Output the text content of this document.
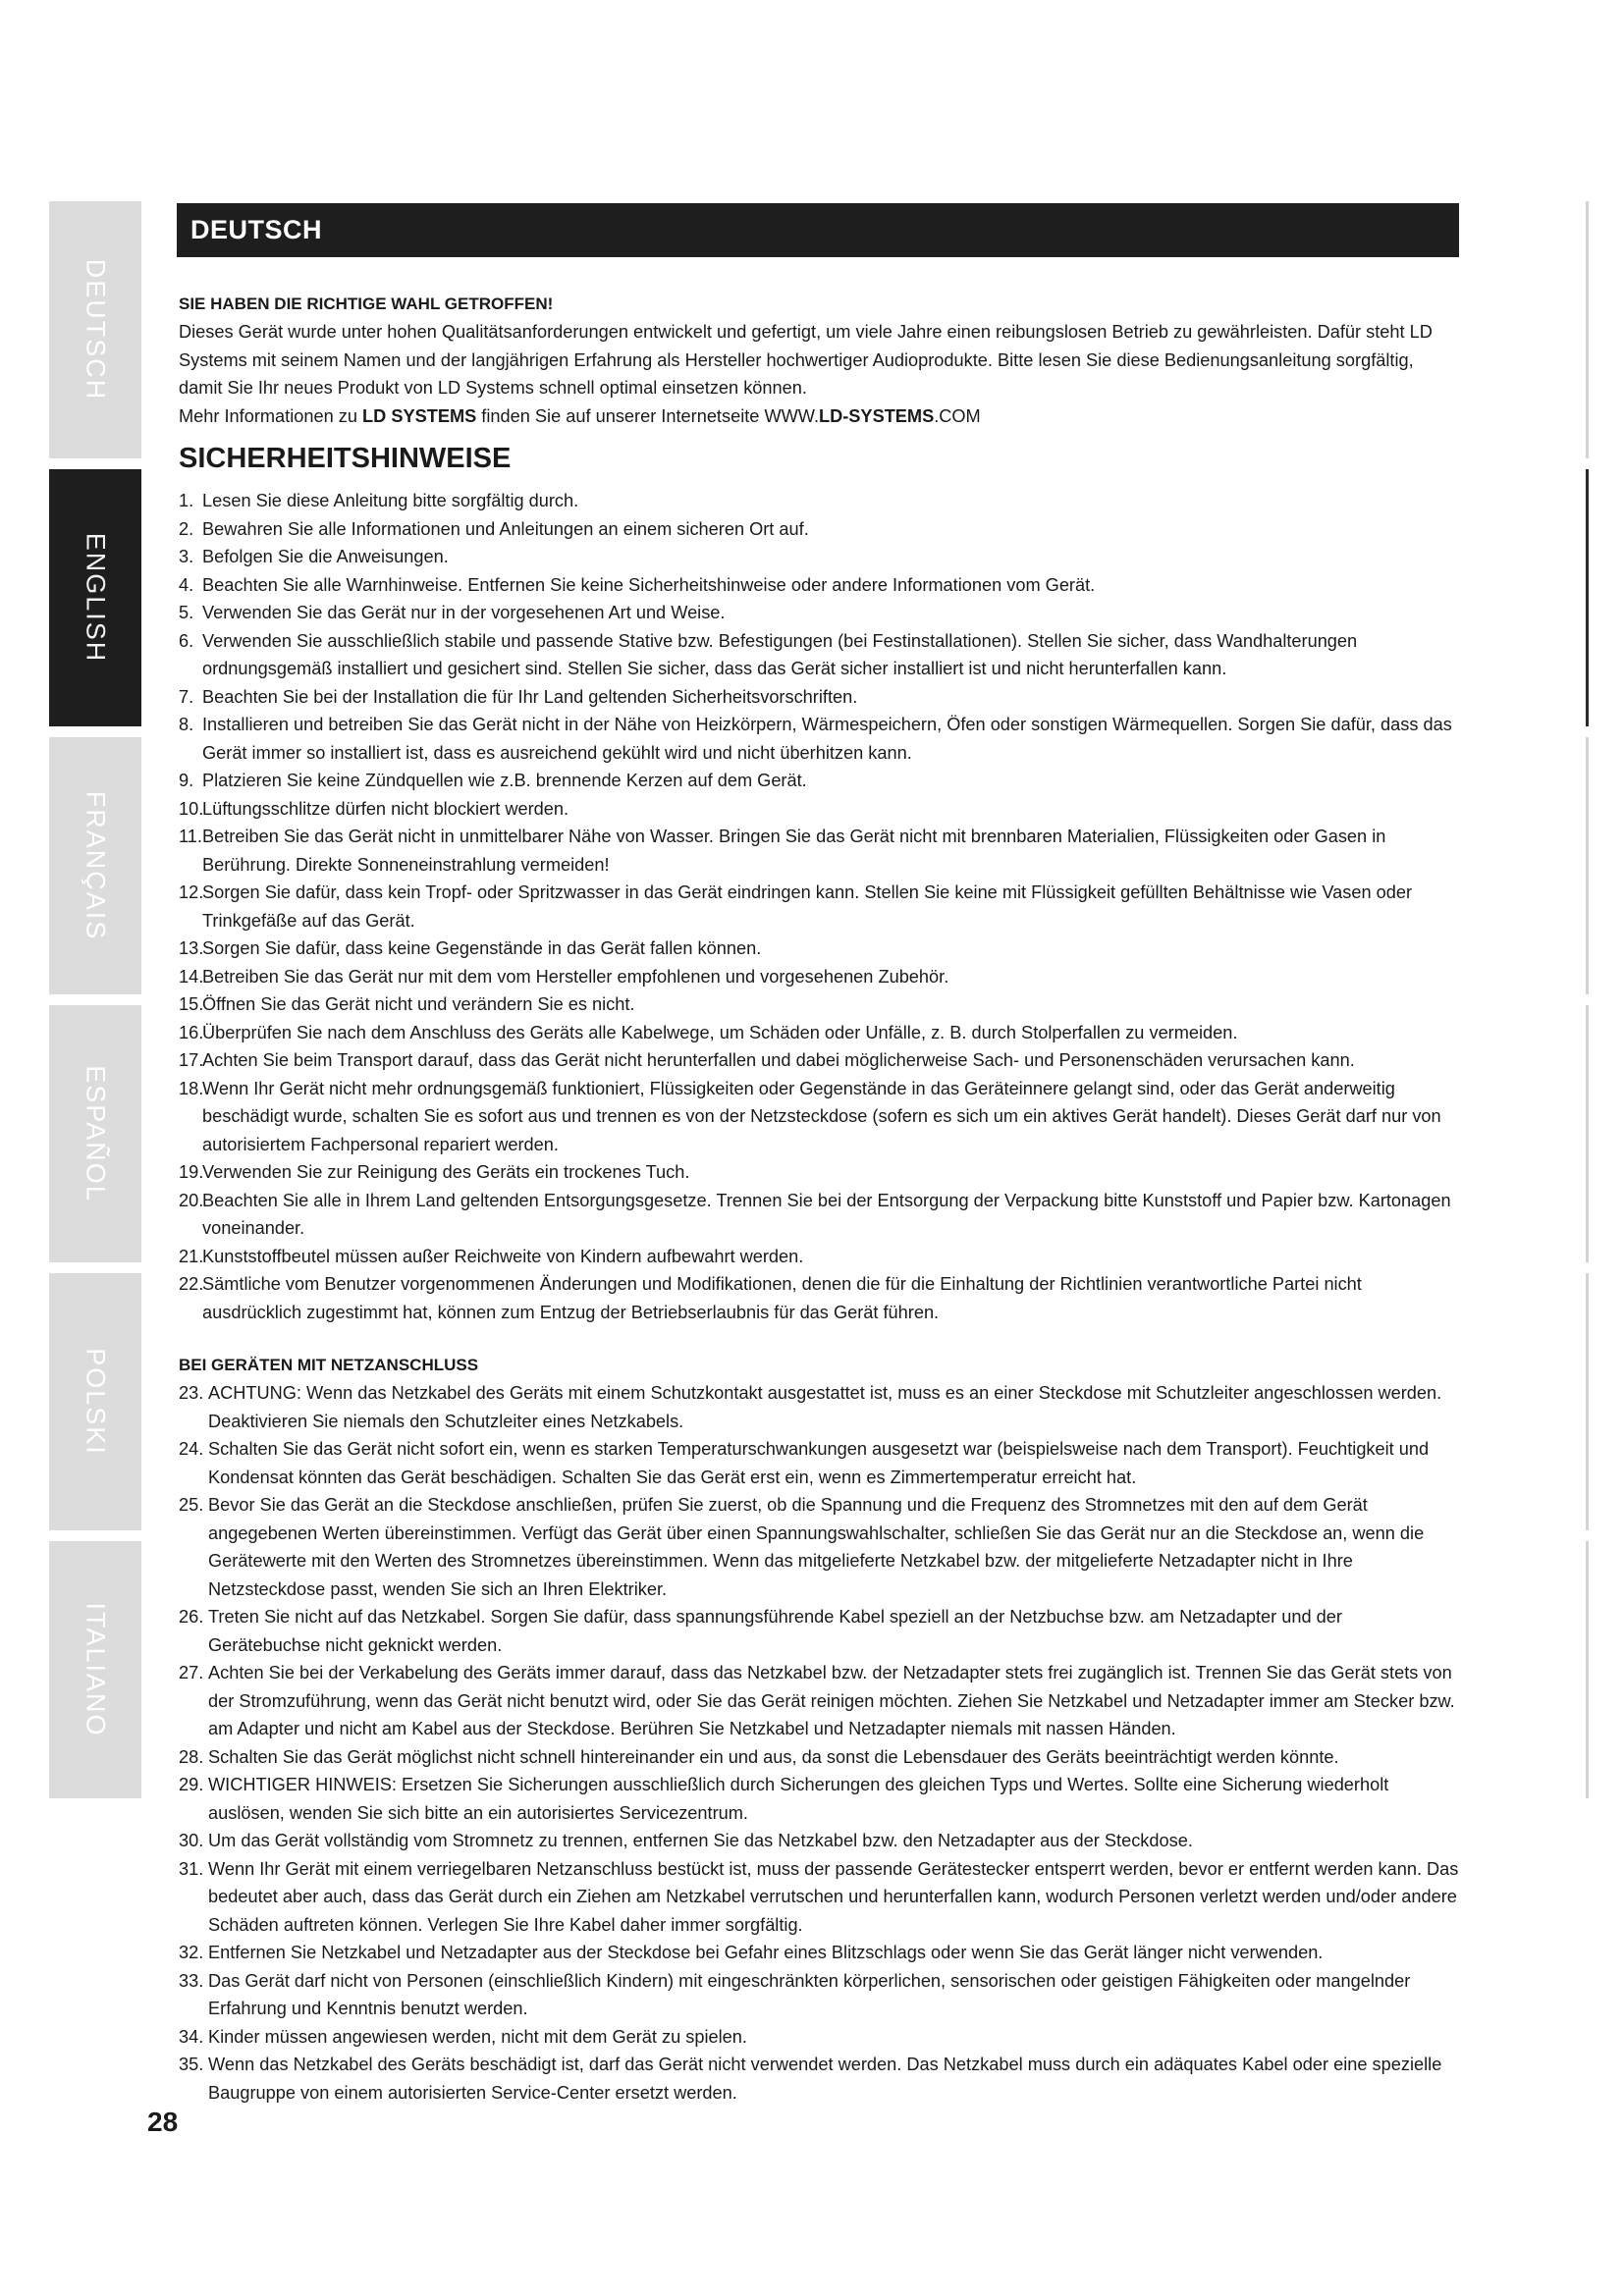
DEUTSCH
ENGLISH
FRANÇAIS
ESPAÑOL
POLSKI
ITALIANO
DEUTSCH
SIE HABEN DIE RICHTIGE WAHL GETROFFEN!
Dieses Gerät wurde unter hohen Qualitätsanforderungen entwickelt und gefertigt, um viele Jahre einen reibungslosen Betrieb zu gewährleisten. Dafür steht LD Systems mit seinem Namen und der langjährigen Erfahrung als Hersteller hochwertiger Audioprodukte. Bitte lesen Sie diese Bedienungsanleitung sorgfältig, damit Sie Ihr neues Produkt von LD Systems schnell optimal einsetzen können.
Mehr Informationen zu LD SYSTEMS finden Sie auf unserer Internetseite WWW.LD-SYSTEMS.COM
SICHERHEITSHINWEISE
1. Lesen Sie diese Anleitung bitte sorgfältig durch.
2. Bewahren Sie alle Informationen und Anleitungen an einem sicheren Ort auf.
3. Befolgen Sie die Anweisungen.
4. Beachten Sie alle Warnhinweise. Entfernen Sie keine Sicherheitshinweise oder andere Informationen vom Gerät.
5. Verwenden Sie das Gerät nur in der vorgesehenen Art und Weise.
6. Verwenden Sie ausschließlich stabile und passende Stative bzw. Befestigungen (bei Festinstallationen). Stellen Sie sicher, dass Wandhalterungen ordnungsgemäß installiert und gesichert sind. Stellen Sie sicher, dass das Gerät sicher installiert ist und nicht herunterfallen kann.
7. Beachten Sie bei der Installation die für Ihr Land geltenden Sicherheitsvorschriften.
8. Installieren und betreiben Sie das Gerät nicht in der Nähe von Heizkörpern, Wärmespeichern, Öfen oder sonstigen Wärmequellen. Sorgen Sie dafür, dass das Gerät immer so installiert ist, dass es ausreichend gekühlt wird und nicht überhitzen kann.
9. Platzieren Sie keine Zündquellen wie z.B. brennende Kerzen auf dem Gerät.
10.
Lüftungsschlitze dürfen nicht blockiert werden.
11. Betreiben Sie das Gerät nicht in unmittelbarer Nähe von Wasser. Bringen Sie das Gerät nicht mit brennbaren Materialien, Flüssigkeiten oder Gasen in Berührung. Direkte Sonneneinstrahlung vermeiden!
12.
Sorgen Sie dafür, dass kein Tropf- oder Spritzwasser in das Gerät eindringen kann. Stellen Sie keine mit Flüssigkeit gefüllten Behältnisse wie Vasen oder Trinkgefäße auf das Gerät.
13.
Sorgen Sie dafür, dass keine Gegenstände in das Gerät fallen können.
14.
Betreiben Sie das Gerät nur mit dem vom Hersteller empfohlenen und vorgesehenen Zubehör.
15.
Öffnen Sie das Gerät nicht und verändern Sie es nicht.
16.
Überprüfen Sie nach dem Anschluss des Geräts alle Kabelwege, um Schäden oder Unfälle, z. B. durch Stolperfallen zu vermeiden.
17.
Achten Sie beim Transport darauf, dass das Gerät nicht herunterfallen und dabei möglicherweise Sach- und Personenschäden verursachen kann.
18.
Wenn Ihr Gerät nicht mehr ordnungsgemäß funktioniert, Flüssigkeiten oder Gegenstände in das Geräteinnere gelangt sind, oder das Gerät anderweitig beschädigt wurde, schalten Sie es sofort aus und trennen es von der Netzsteckdose (sofern es sich um ein aktives Gerät handelt). Dieses Gerät darf nur von autorisiertem Fachpersonal repariert werden.
19.
Verwenden Sie zur Reinigung des Geräts ein trockenes Tuch.
20.
Beachten Sie alle in Ihrem Land geltenden Entsorgungsgesetze. Trennen Sie bei der Entsorgung der Verpackung bitte Kunststoff und Papier bzw. Kartonagen voneinander.
21.
Kunststoffbeutel müssen außer Reichweite von Kindern aufbewahrt werden.
22.
Sämtliche vom Benutzer vorgenommenen Änderungen und Modifikationen, denen die für die Einhaltung der Richtlinien verantwortliche Partei nicht ausdrücklich zugestimmt hat, können zum Entzug der Betriebserlaubnis für das Gerät führen.
BEI GERÄTEN MIT NETZANSCHLUSS
23. ACHTUNG: Wenn das Netzkabel des Geräts mit einem Schutzkontakt ausgestattet ist, muss es an einer Steckdose mit Schutzleiter angeschlossen werden. Deaktivieren Sie niemals den Schutzleiter eines Netzkabels.
24. Schalten Sie das Gerät nicht sofort ein, wenn es starken Temperaturschwankungen ausgesetzt war (beispielsweise nach dem Transport). Feuchtigkeit und Kondensat könnten das Gerät beschädigen. Schalten Sie das Gerät erst ein, wenn es Zimmertemperatur erreicht hat.
25. Bevor Sie das Gerät an die Steckdose anschließen, prüfen Sie zuerst, ob die Spannung und die Frequenz des Stromnetzes mit den auf dem Gerät angegebenen Werten übereinstimmen. Verfügt das Gerät über einen Spannungswahlschalter, schließen Sie das Gerät nur an die Steckdose an, wenn die Gerätewerte mit den Werten des Stromnetzes übereinstimmen. Wenn das mitgelieferte Netzkabel bzw. der mitgelieferte Netzadapter nicht in Ihre Netzsteckdose passt, wenden Sie sich an Ihren Elektriker.
26. Treten Sie nicht auf das Netzkabel. Sorgen Sie dafür, dass spannungsführende Kabel speziell an der Netzbuchse bzw. am Netzadapter und der Gerätebuchse nicht geknickt werden.
27. Achten Sie bei der Verkabelung des Geräts immer darauf, dass das Netzkabel bzw. der Netzadapter stets frei zugänglich ist. Trennen Sie das Gerät stets von der Stromzuführung, wenn das Gerät nicht benutzt wird, oder Sie das Gerät reinigen möchten. Ziehen Sie Netzkabel und Netzadapter immer am Stecker bzw. am Adapter und nicht am Kabel aus der Steckdose. Berühren Sie Netzkabel und Netzadapter niemals mit nassen Händen.
28. Schalten Sie das Gerät möglichst nicht schnell hintereinander ein und aus, da sonst die Lebensdauer des Geräts beeinträchtigt werden könnte.
29. WICHTIGER HINWEIS: Ersetzen Sie Sicherungen ausschließlich durch Sicherungen des gleichen Typs und Wertes. Sollte eine Sicherung wiederholt auslösen, wenden Sie sich bitte an ein autorisiertes Servicezentrum.
30. Um das Gerät vollständig vom Stromnetz zu trennen, entfernen Sie das Netzkabel bzw. den Netzadapter aus der Steckdose.
31. Wenn Ihr Gerät mit einem verriegelbaren Netzanschluss bestückt ist, muss der passende Gerätestecker entsperrt werden, bevor er entfernt werden kann. Das bedeutet aber auch, dass das Gerät durch ein Ziehen am Netzkabel verrutschen und herunterfallen kann, wodurch Personen verletzt werden und/oder andere Schäden auftreten können. Verlegen Sie Ihre Kabel daher immer sorgfältig.
32. Entfernen Sie Netzkabel und Netzadapter aus der Steckdose bei Gefahr eines Blitzschlags oder wenn Sie das Gerät länger nicht verwenden.
33. Das Gerät darf nicht von Personen (einschließlich Kindern) mit eingeschränkten körperlichen, sensorischen oder geistigen Fähigkeiten oder mangelnder Erfahrung und Kenntnis benutzt werden.
34. Kinder müssen angewiesen werden, nicht mit dem Gerät zu spielen.
35. Wenn das Netzkabel des Geräts beschädigt ist, darf das Gerät nicht verwendet werden. Das Netzkabel muss durch ein adäquates Kabel oder eine spezielle Baugruppe von einem autorisierten Service-Center ersetzt werden.
28
